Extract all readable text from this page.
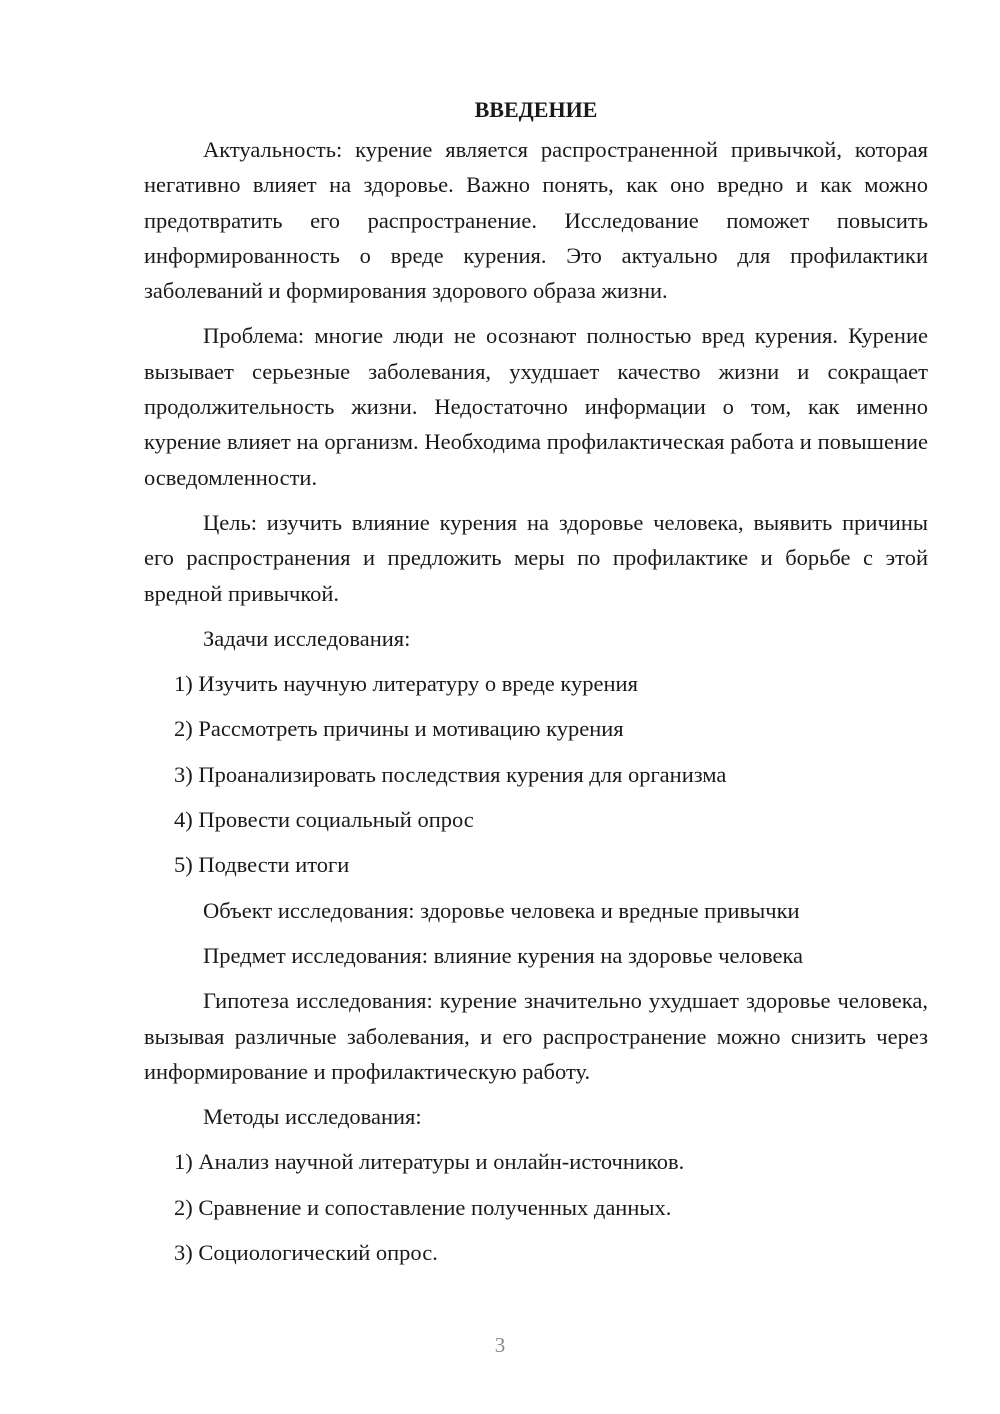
ВВЕДЕНИЕ

Актуальность: курение является распространенной привычкой, которая негативно влияет на здоровье. Важно понять, как оно вредно и как можно предотвратить его распространение. Исследование поможет повысить информированность о вреде курения. Это актуально для профилактики заболеваний и формирования здорового образа жизни.

Проблема: многие люди не осознают полностью вред курения. Курение вызывает серьезные заболевания, ухудшает качество жизни и сокращает продолжительность жизни. Недостаточно информации о том, как именно курение влияет на организм. Необходима профилактическая работа и повышение осведомленности.

Цель: изучить влияние курения на здоровье человека, выявить причины его распространения и предложить меры по профилактике и борьбе с этой вредной привычкой.

Задачи исследования:
1) Изучить научную литературу о вреде курения
2) Рассмотреть причины и мотивацию курения
3) Проанализировать последствия курения для организма
4) Провести социальный опрос
5) Подвести итоги
Объект исследования: здоровье человека и вредные привычки
Предмет исследования: влияние курения на здоровье человека

Гипотеза исследования: курение значительно ухудшает здоровье человека, вызывая различные заболевания, и его распространение можно снизить через информирование и профилактическую работу.

Методы исследования:
1) Анализ научной литературы и онлайн-источников.
2) Сравнение и сопоставление полученных данных.
3) Социологический опрос.
3
